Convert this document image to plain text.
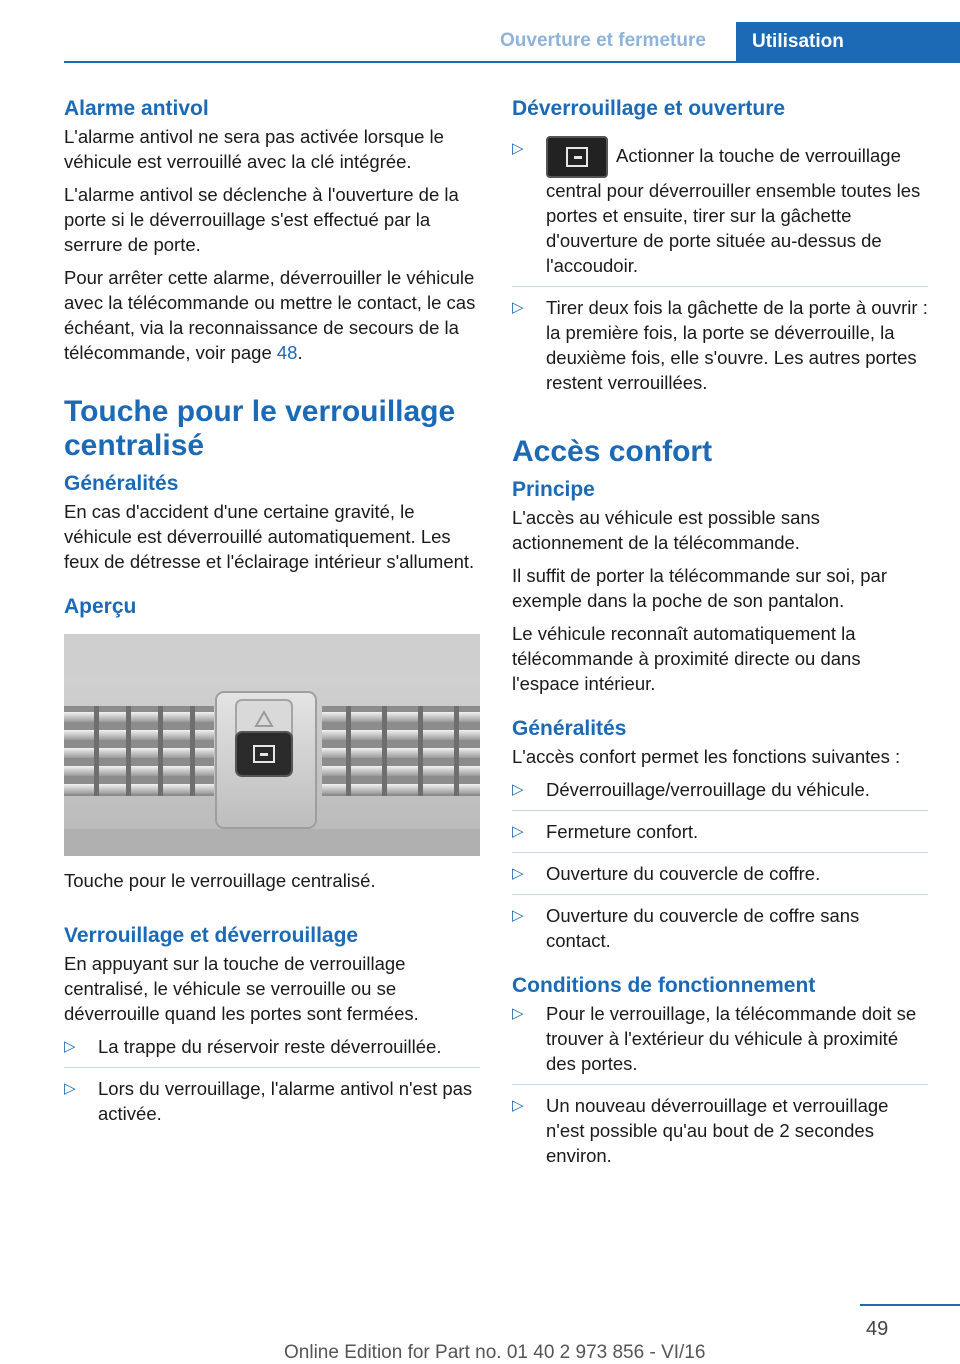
Ouverture et fermeture	Utilisation
Alarme antivol

L'alarme antivol ne sera pas activée lorsque le véhicule est verrouillé avec la clé intégrée.

L'alarme antivol se déclenche à l'ouverture de la porte si le déverrouillage s'est effectué par la serrure de porte.

Pour arrêter cette alarme, déverrouiller le véhicule avec la télécommande ou mettre le contact, le cas échéant, via la reconnaissance de secours de la télécommande, voir page 48.

Touche pour le verrouillage centralisé
Généralités

En cas d'accident d'une certaine gravité, le véhicule est déverrouillé automatiquement. Les feux de détresse et l'éclairage intérieur s'allument.

Aperçu

Touche pour le verrouillage centralisé.

Verrouillage et déverrouillage

En appuyant sur la touche de verrouillage centralisé, le véhicule se verrouille ou se déverrouille quand les portes sont fermées.

▷ La trappe du réservoir reste déverrouillée.
▷ Lors du verrouillage, l'alarme antivol n'est pas activée.
Déverrouillage et ouverture
▷ Actionner la touche de verrouillage central pour déverrouiller ensemble toutes les portes et ensuite, tirer sur la gâchette d'ouverture de porte située au-dessus de l'accoudoir.
▷ Tirer deux fois la gâchette de la porte à ouvrir : la première fois, la porte se déverrouille, la deuxième fois, elle s'ouvre. Les autres portes restent verrouillées.
Accès confort
Principe

L'accès au véhicule est possible sans actionnement de la télécommande.

Il suffit de porter la télécommande sur soi, par exemple dans la poche de son pantalon.

Le véhicule reconnaît automatiquement la télécommande à proximité directe ou dans l'espace intérieur.

Généralités

L'accès confort permet les fonctions suivantes :

▷ Déverrouillage/verrouillage du véhicule.
▷ Fermeture confort.
▷ Ouverture du couvercle de coffre.
▷ Ouverture du couvercle de coffre sans contact.
Conditions de fonctionnement
▷ Pour le verrouillage, la télécommande doit se trouver à l'extérieur du véhicule à proximité des portes.
▷ Un nouveau déverrouillage et verrouillage n'est possible qu'au bout de 2 secondes environ.
49
Online Edition for Part no. 01 40 2 973 856 - VI/16
